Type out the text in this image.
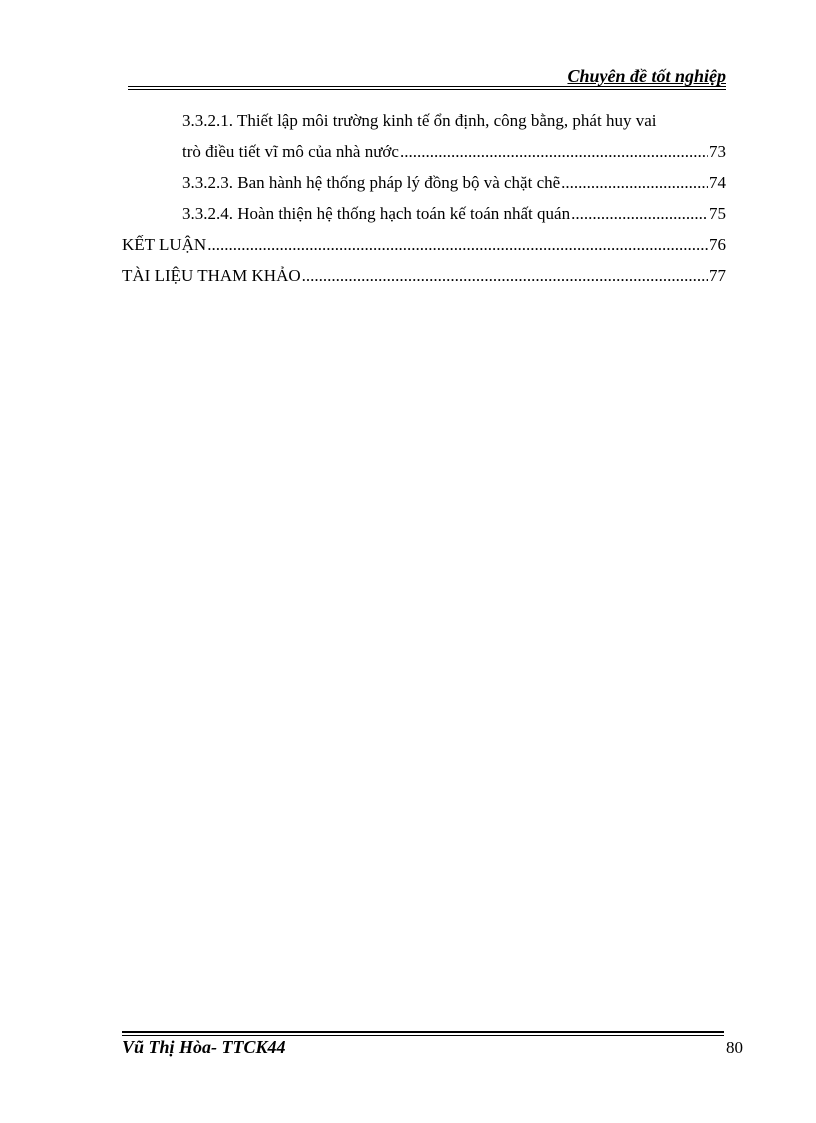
Chuyên đề tốt nghiệp
3.3.2.1. Thiết lập môi trường kinh tế ổn định, công bằng, phát huy vai
trò điều tiết vĩ mô của nhà nước .....	73
3.3.2.3. Ban hành hệ thống pháp lý đồng bộ và chặt chẽ .....	74
3.3.2.4. Hoàn thiện hệ thống hạch toán kế toán nhất quán .....	75
KẾT LUẬN .....	76
TÀI LIỆU THAM KHẢO .....	77
Vũ Thị Hòa- TTCK44	80
